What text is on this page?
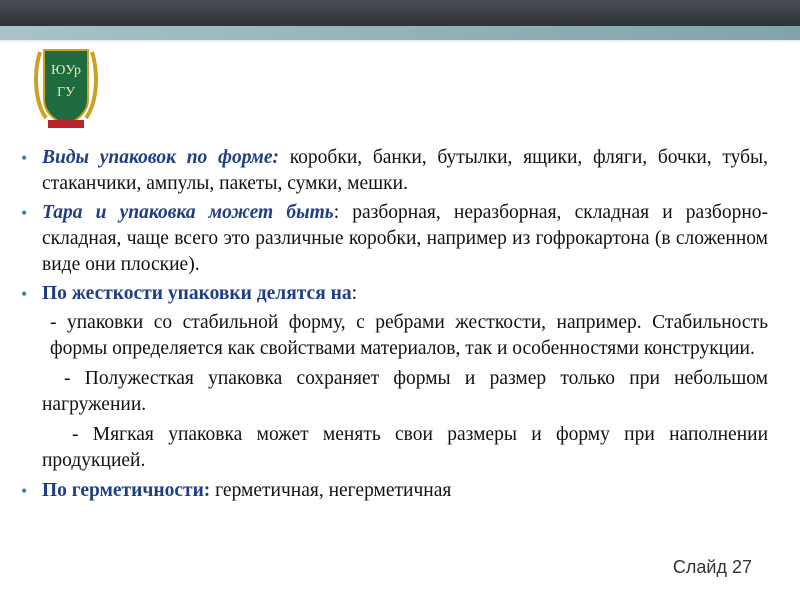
ЮУр
ГУ
• Виды упаковок по форме: коробки, банки, бутылки, ящики, фляги, бочки, тубы, стаканчики, ампулы, пакеты, сумки, мешки.
• Тара и упаковка может быть: разборная, неразборная, складная и разборно-складная, чаще всего это различные коробки, например из гофрокартона (в сложенном виде они плоские).
• По жесткости упаковки делятся на:
- упаковки со стабильной форму, с ребрами жесткости, например. Стабильность формы определяется как свойствами материалов, так и особенностями конструкции.
- Полужесткая упаковка сохраняет формы и размер только при небольшом нагружении.
- Мягкая упаковка может менять свои размеры и форму при наполнении продукцией.
• По герметичности: герметичная, негерметичная
Слайд 27
